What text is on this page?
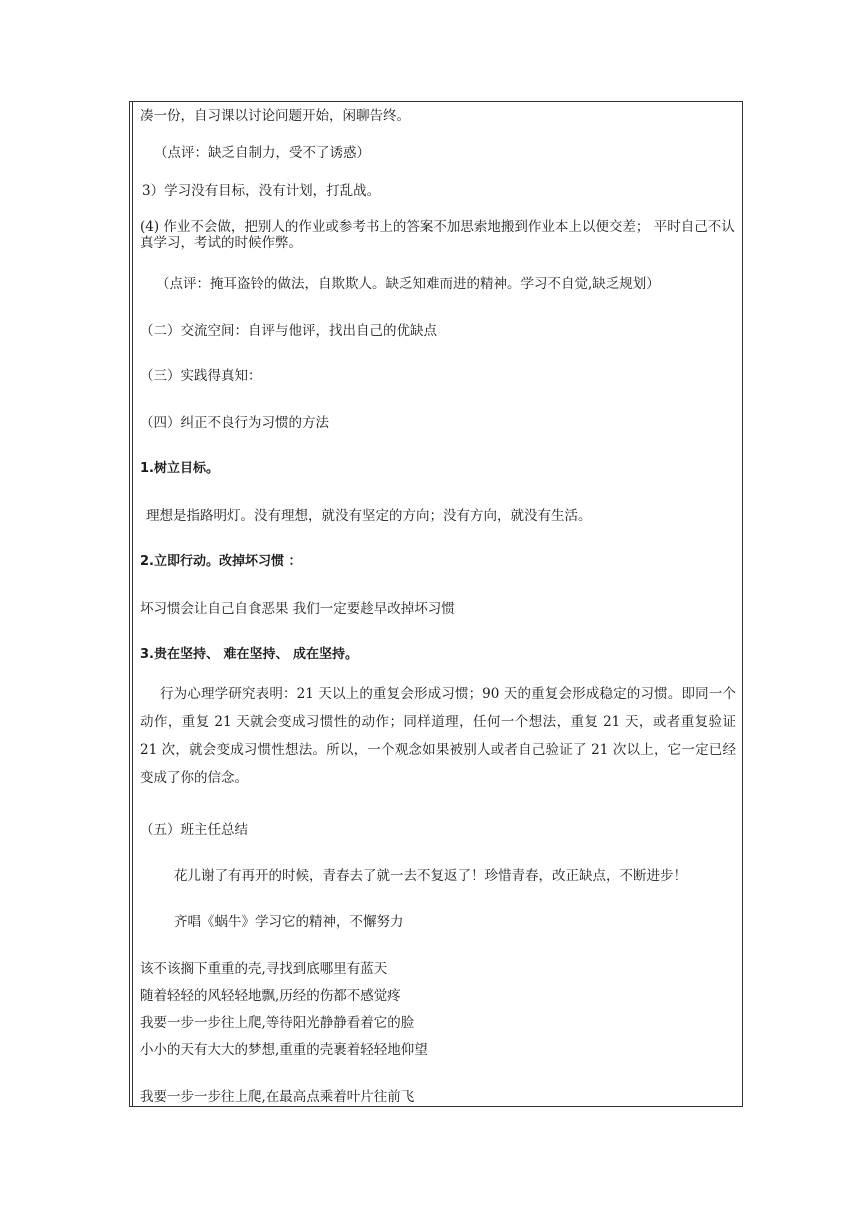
凑一份，自习课以讨论问题开始，闲聊告终。
（点评：缺乏自制力，受不了诱惑）
3）学习没有目标，没有计划，打乱战。
(4) 作业不会做，把别人的作业或参考书上的答案不加思索地搬到作业本上以便交差； 平时自己不认真学习，考试的时候作弊。
（点评：掩耳盗铃的做法，自欺欺人。缺乏知难而进的精神。学习不自觉,缺乏规划）
（二）交流空间：自评与他评，找出自己的优缺点
（三）实践得真知：
（四）纠正不良行为习惯的方法
1.树立目标。
理想是指路明灯。没有理想，就没有坚定的方向；没有方向，就没有生活。
2.立即行动。改掉坏习惯 ：
坏习惯会让自己自食恶果 我们一定要趁早改掉坏习惯
3.贵在坚持、 难在坚持、 成在坚持。
行为心理学研究表明：21 天以上的重复会形成习惯；90 天的重复会形成稳定的习惯。即同一个动作，重复 21 天就会变成习惯性的动作；同样道理，任何一个想法，重复 21 天，或者重复验证 21 次，就会变成习惯性想法。所以，一个观念如果被别人或者自己验证了 21 次以上，它一定已经变成了你的信念。
（五）班主任总结
花儿谢了有再开的时候，青春去了就一去不复返了！珍惜青春，改正缺点，不断进步！
齐唱《蜗牛》学习它的精神，不懈努力
该不该搁下重重的壳,寻找到底哪里有蓝天
随着轻轻的风轻轻地飘,历经的伤都不感觉疼
我要一步一步往上爬,等待阳光静静看着它的脸
小小的天有大大的梦想,重重的壳裹着轻轻地仰望
我要一步一步往上爬,在最高点乘着叶片往前飞
